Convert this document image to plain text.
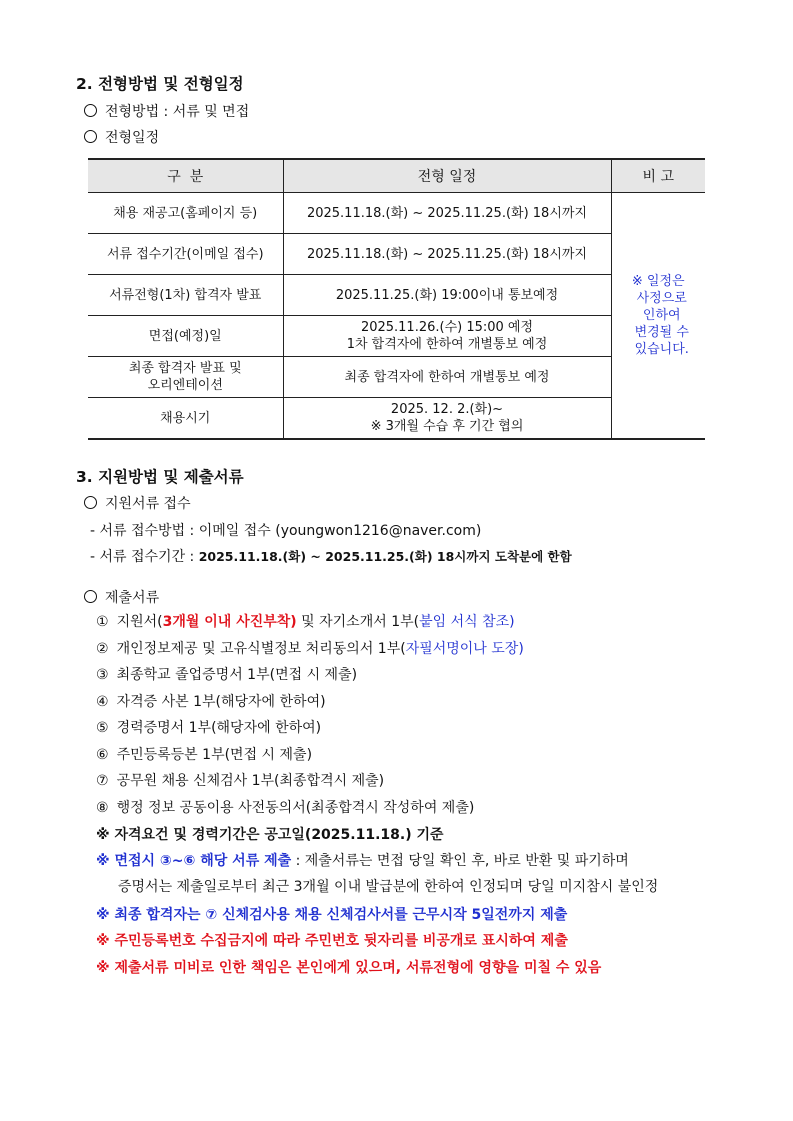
2. 전형방법 및 전형일정
전형방법 : 서류 및 면접
전형일정
구  분	전형 일정	비 고
채용 재공고(홈페이지 등)	2025.11.18.(화) ~ 2025.11.25.(화) 18시까지	※ 일정은
사정으로
인하여
변경될 수
있습니다.

서류 접수기간(이메일 접수)	2025.11.18.(화) ~ 2025.11.25.(화) 18시까지	
서류전형(1차) 합격자 발표	2025.11.25.(화) 19:00이내 통보예정	
면접(예정)일	2025.11.26.(수) 15:00 예정
1차 합격자에 한하여 개별통보 예정	
최종 합격자 발표 및
오리엔테이션	최종 합격자에 한하여 개별통보 예정	
채용시기	2025. 12. 2.(화)~
※ 3개월 수습 후 기간 협의	
3. 지원방법 및 제출서류
지원서류 접수
- 서류 접수방법 : 이메일 접수 (youngwon1216@naver.com)
- 서류 접수기간 : 2025.11.18.(화) ~ 2025.11.25.(화) 18시까지 도착분에 한함
제출서류
① 지원서(3개월 이내 사진부착) 및 자기소개서 1부(붙임 서식 참조)
② 개인정보제공 및 고유식별정보 처리동의서 1부(자필서명이나 도장)
③ 최종학교 졸업증명서 1부(면접 시 제출)
④ 자격증 사본 1부(해당자에 한하여)
⑤ 경력증명서 1부(해당자에 한하여)
⑥ 주민등록등본 1부(면접 시 제출)
⑦ 공무원 채용 신체검사 1부(최종합격시 제출)
⑧ 행정 정보 공동이용 사전동의서(최종합격시 작성하여 제출)
※ 자격요건 및 경력기간은 공고일(2025.11.18.) 기준
증명서는 제출일로부터 최근 3개월 이내 발급분에 한하여 인정되며 당일 미지참시 불인정
※ 면접시 ③~⑥ 해당 서류 제출 : 제출서류는 면접 당일 확인 후, 바로 반환 및 파기하며
※ 최종 합격자는 ⑦ 신체검사용 채용 신체검사서를 근무시작 5일전까지 제출
※ 주민등록번호 수집금지에 따라 주민번호 뒷자리를 비공개로 표시하여 제출
※ 제출서류 미비로 인한 책임은 본인에게 있으며, 서류전형에 영향을 미칠 수 있음
